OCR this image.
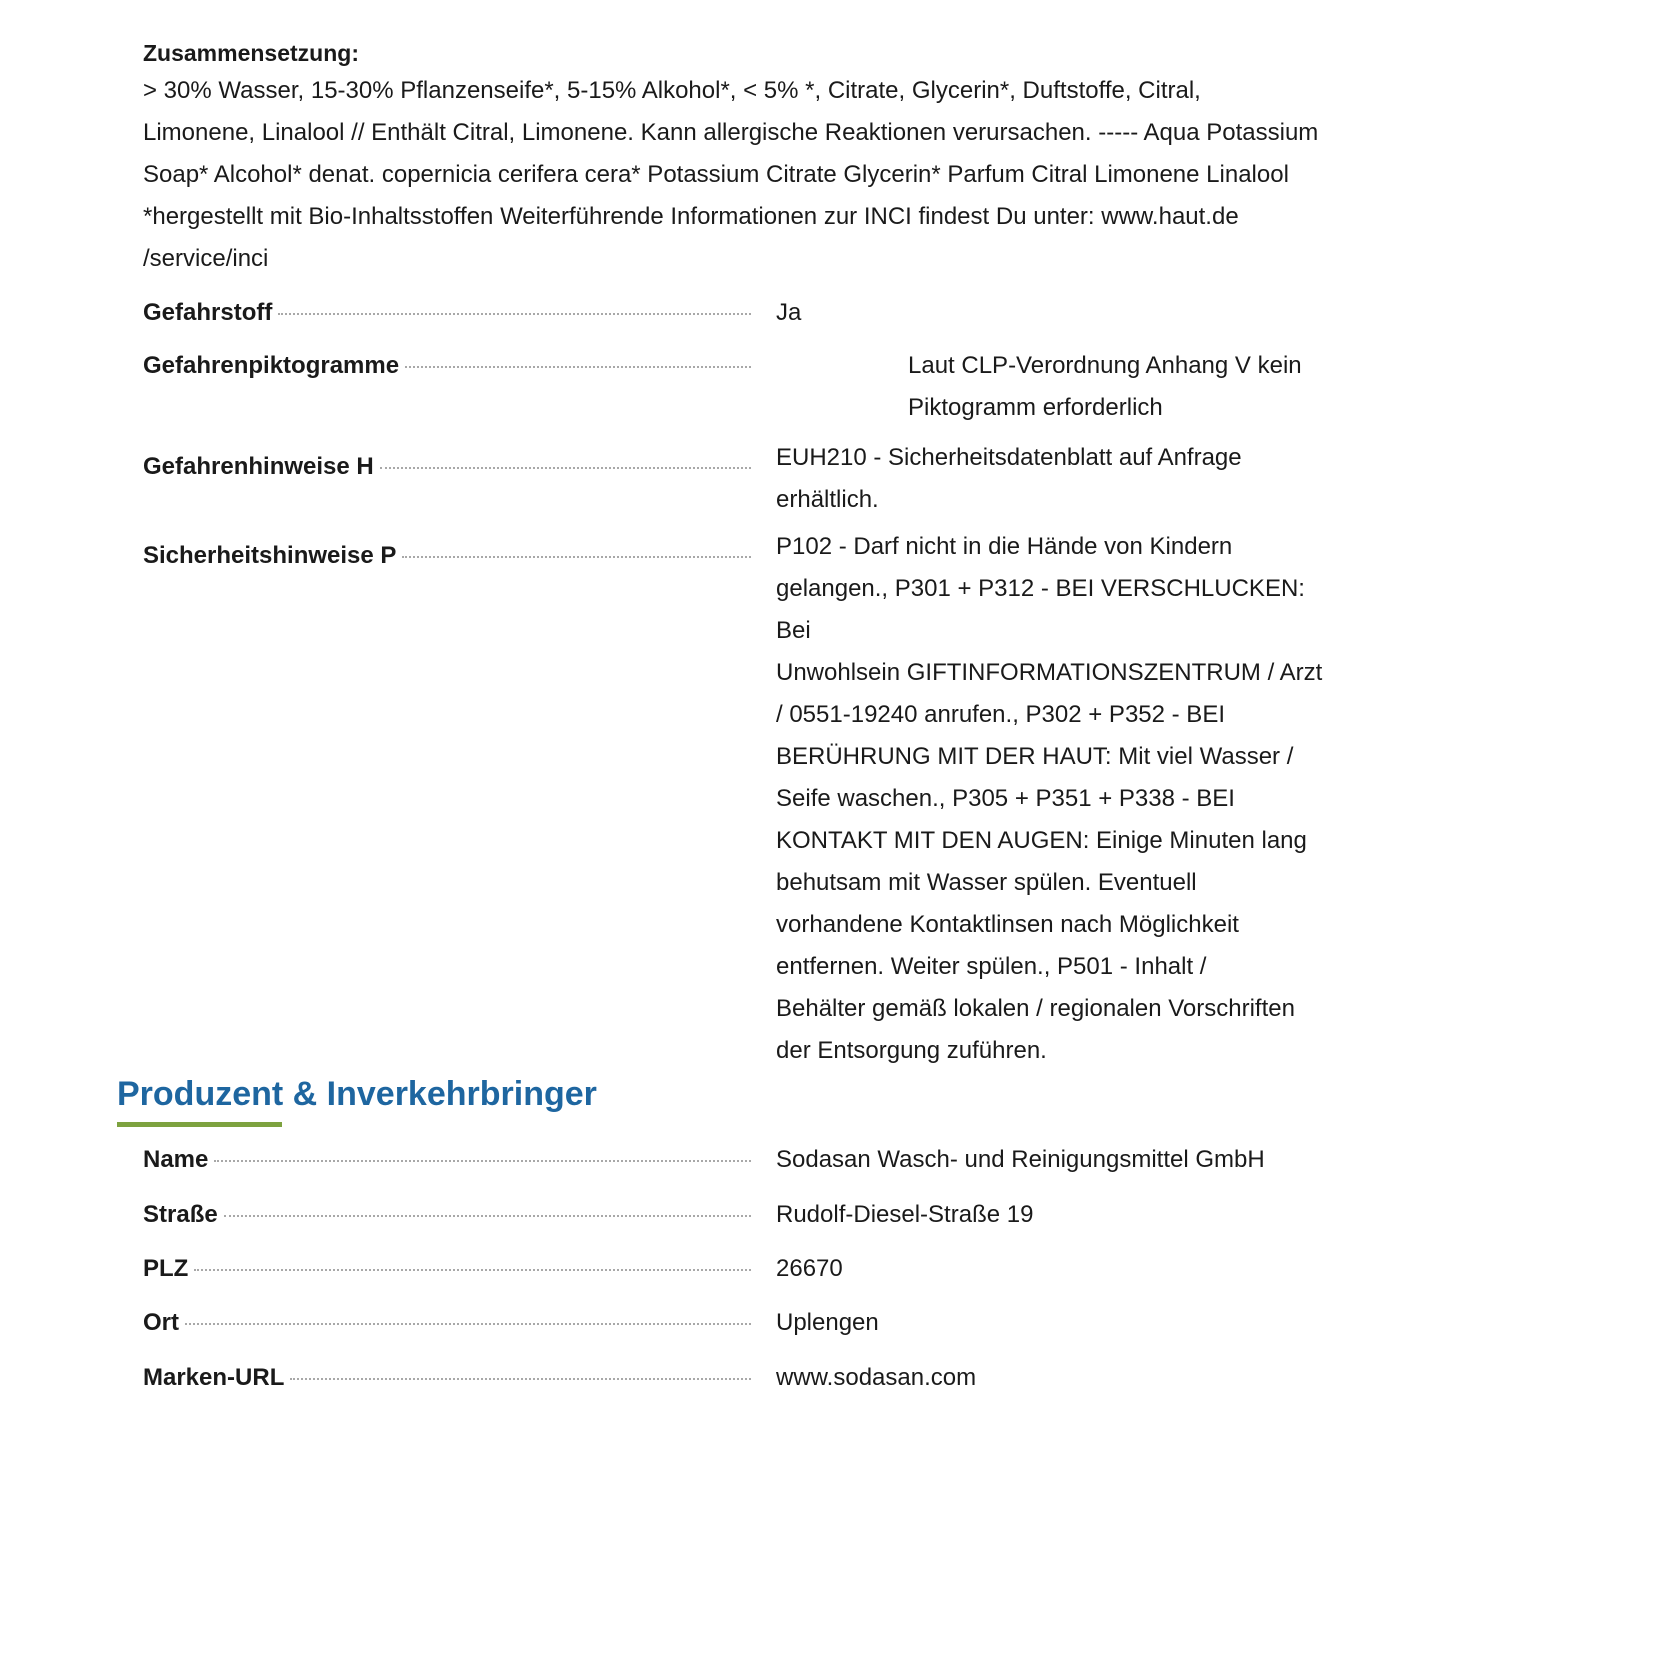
Zusammensetzung:

> 30% Wasser, 15-30% Pflanzenseife*, 5-15% Alkohol*, < 5% *, Citrate, Glycerin*, Duftstoffe, Citral,
Limonene, Linalool // Enthält Citral, Limonene. Kann allergische Reaktionen verursachen. ----- Aqua Potassium
Soap* Alcohol* denat. copernicia cerifera cera* Potassium Citrate Glycerin* Parfum Citral Limonene Linalool
*hergestellt mit Bio-Inhaltsstoffen Weiterführende Informationen zur INCI findest Du unter: www.haut.de
/service/inci

Gefahrstoff	Ja
Gefahrenpiktogramme	Laut CLP-Verordnung Anhang V kein
Piktogramm erforderlich
Gefahrenhinweise H	EUH210 - Sicherheitsdatenblatt auf Anfrage
erhältlich.
Sicherheitshinweise P	P102 - Darf nicht in die Hände von Kindern
gelangen., P301 + P312 - BEI VERSCHLUCKEN: Bei
Unwohlsein GIFTINFORMATIONSZENTRUM / Arzt
/ 0551-19240 anrufen., P302 + P352 - BEI
BERÜHRUNG MIT DER HAUT: Mit viel Wasser /
Seife waschen., P305 + P351 + P338 - BEI
KONTAKT MIT DEN AUGEN: Einige Minuten lang
behutsam mit Wasser spülen. Eventuell
vorhandene Kontaktlinsen nach Möglichkeit
entfernen. Weiter spülen., P501 - Inhalt /
Behälter gemäß lokalen / regionalen Vorschriften
der Entsorgung zuführen.
Produzent & Inverkehrbringer
Name	Sodasan Wasch- und Reinigungsmittel GmbH
Straße	Rudolf-Diesel-Straße 19
PLZ	26670
Ort	Uplengen
Marken-URL	www.sodasan.com
